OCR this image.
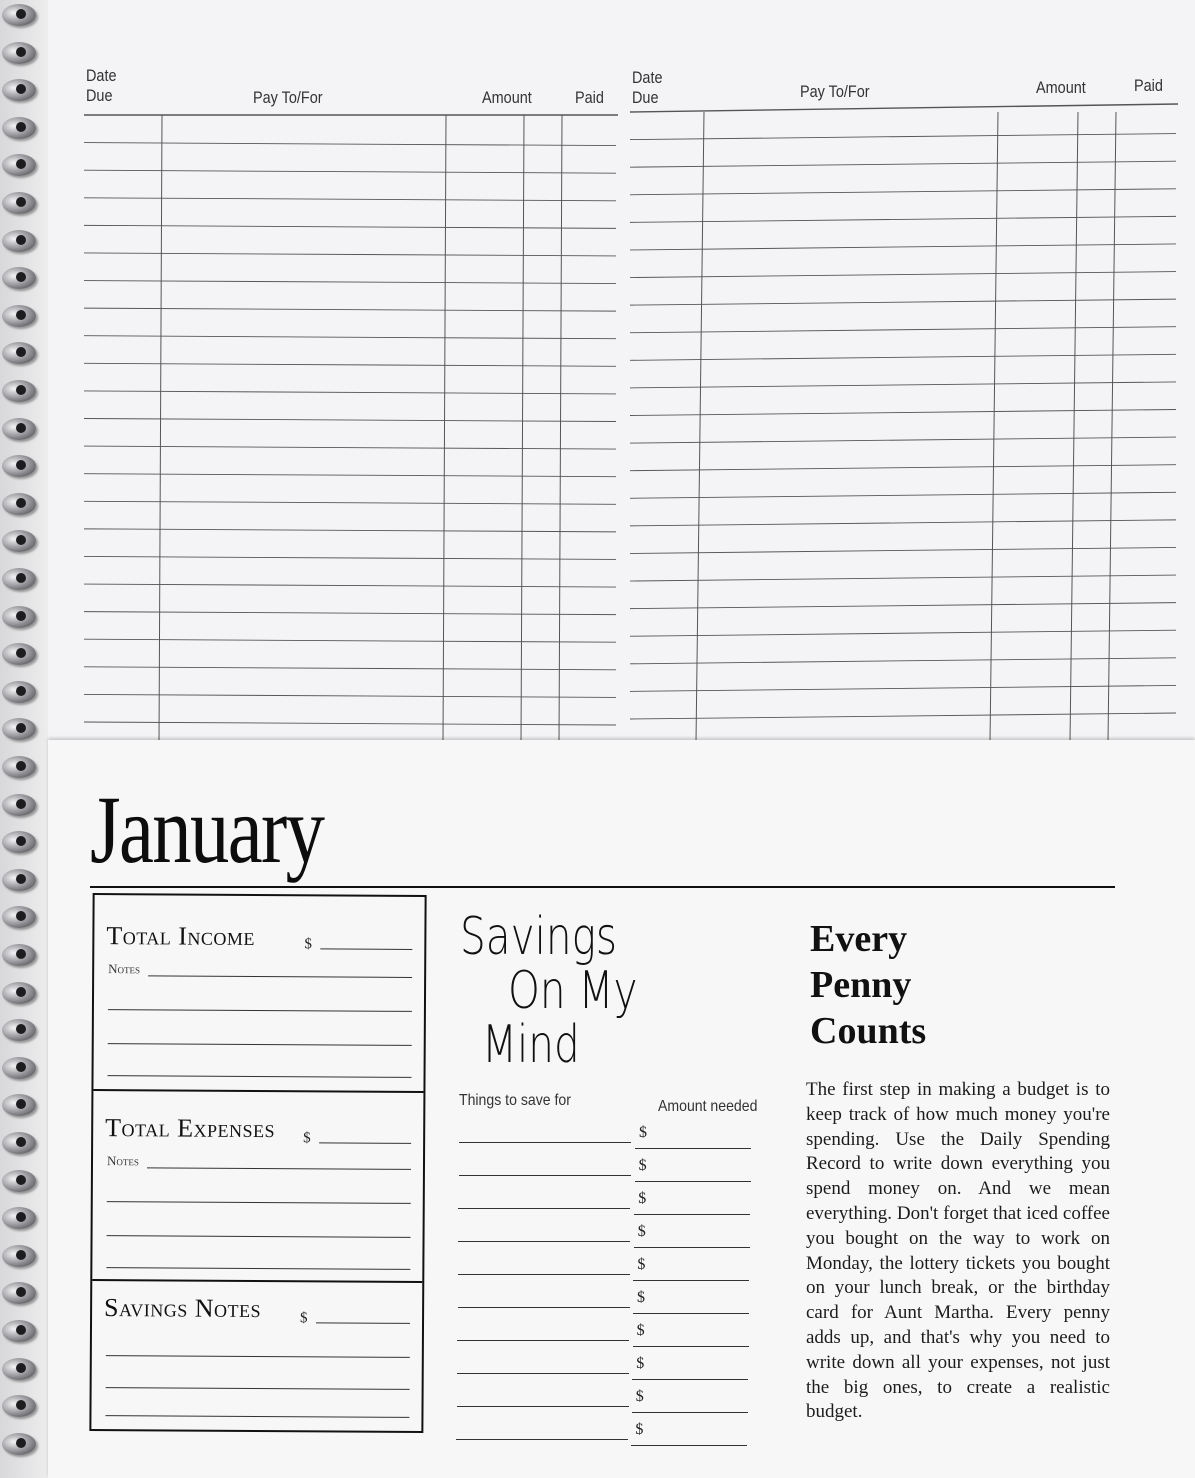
Date
Due	Pay To/For	Amount	Paid
Date
Due	Pay To/For	Amount	Paid
January
Total Income	$
Notes
Total Expenses $
Notes
Savings Notes	$
Savings
On My
Mind
Things to save for	Amount needed
$
$
$
$
$
$
$
$
$
$
Every
Penny
Counts
The first step in making a budget is to keep track of how much money you're spending. Use the Daily Spending Record to write down everything you spend money on. And we mean everything. Don't forget that iced coffee you bought on the way to work on Monday, the lottery tickets you bought on your lunch break, or the birthday card for Aunt Martha. Every penny adds up, and that's why you need to write down all your expenses, not just the big ones, to create a realistic budget.
